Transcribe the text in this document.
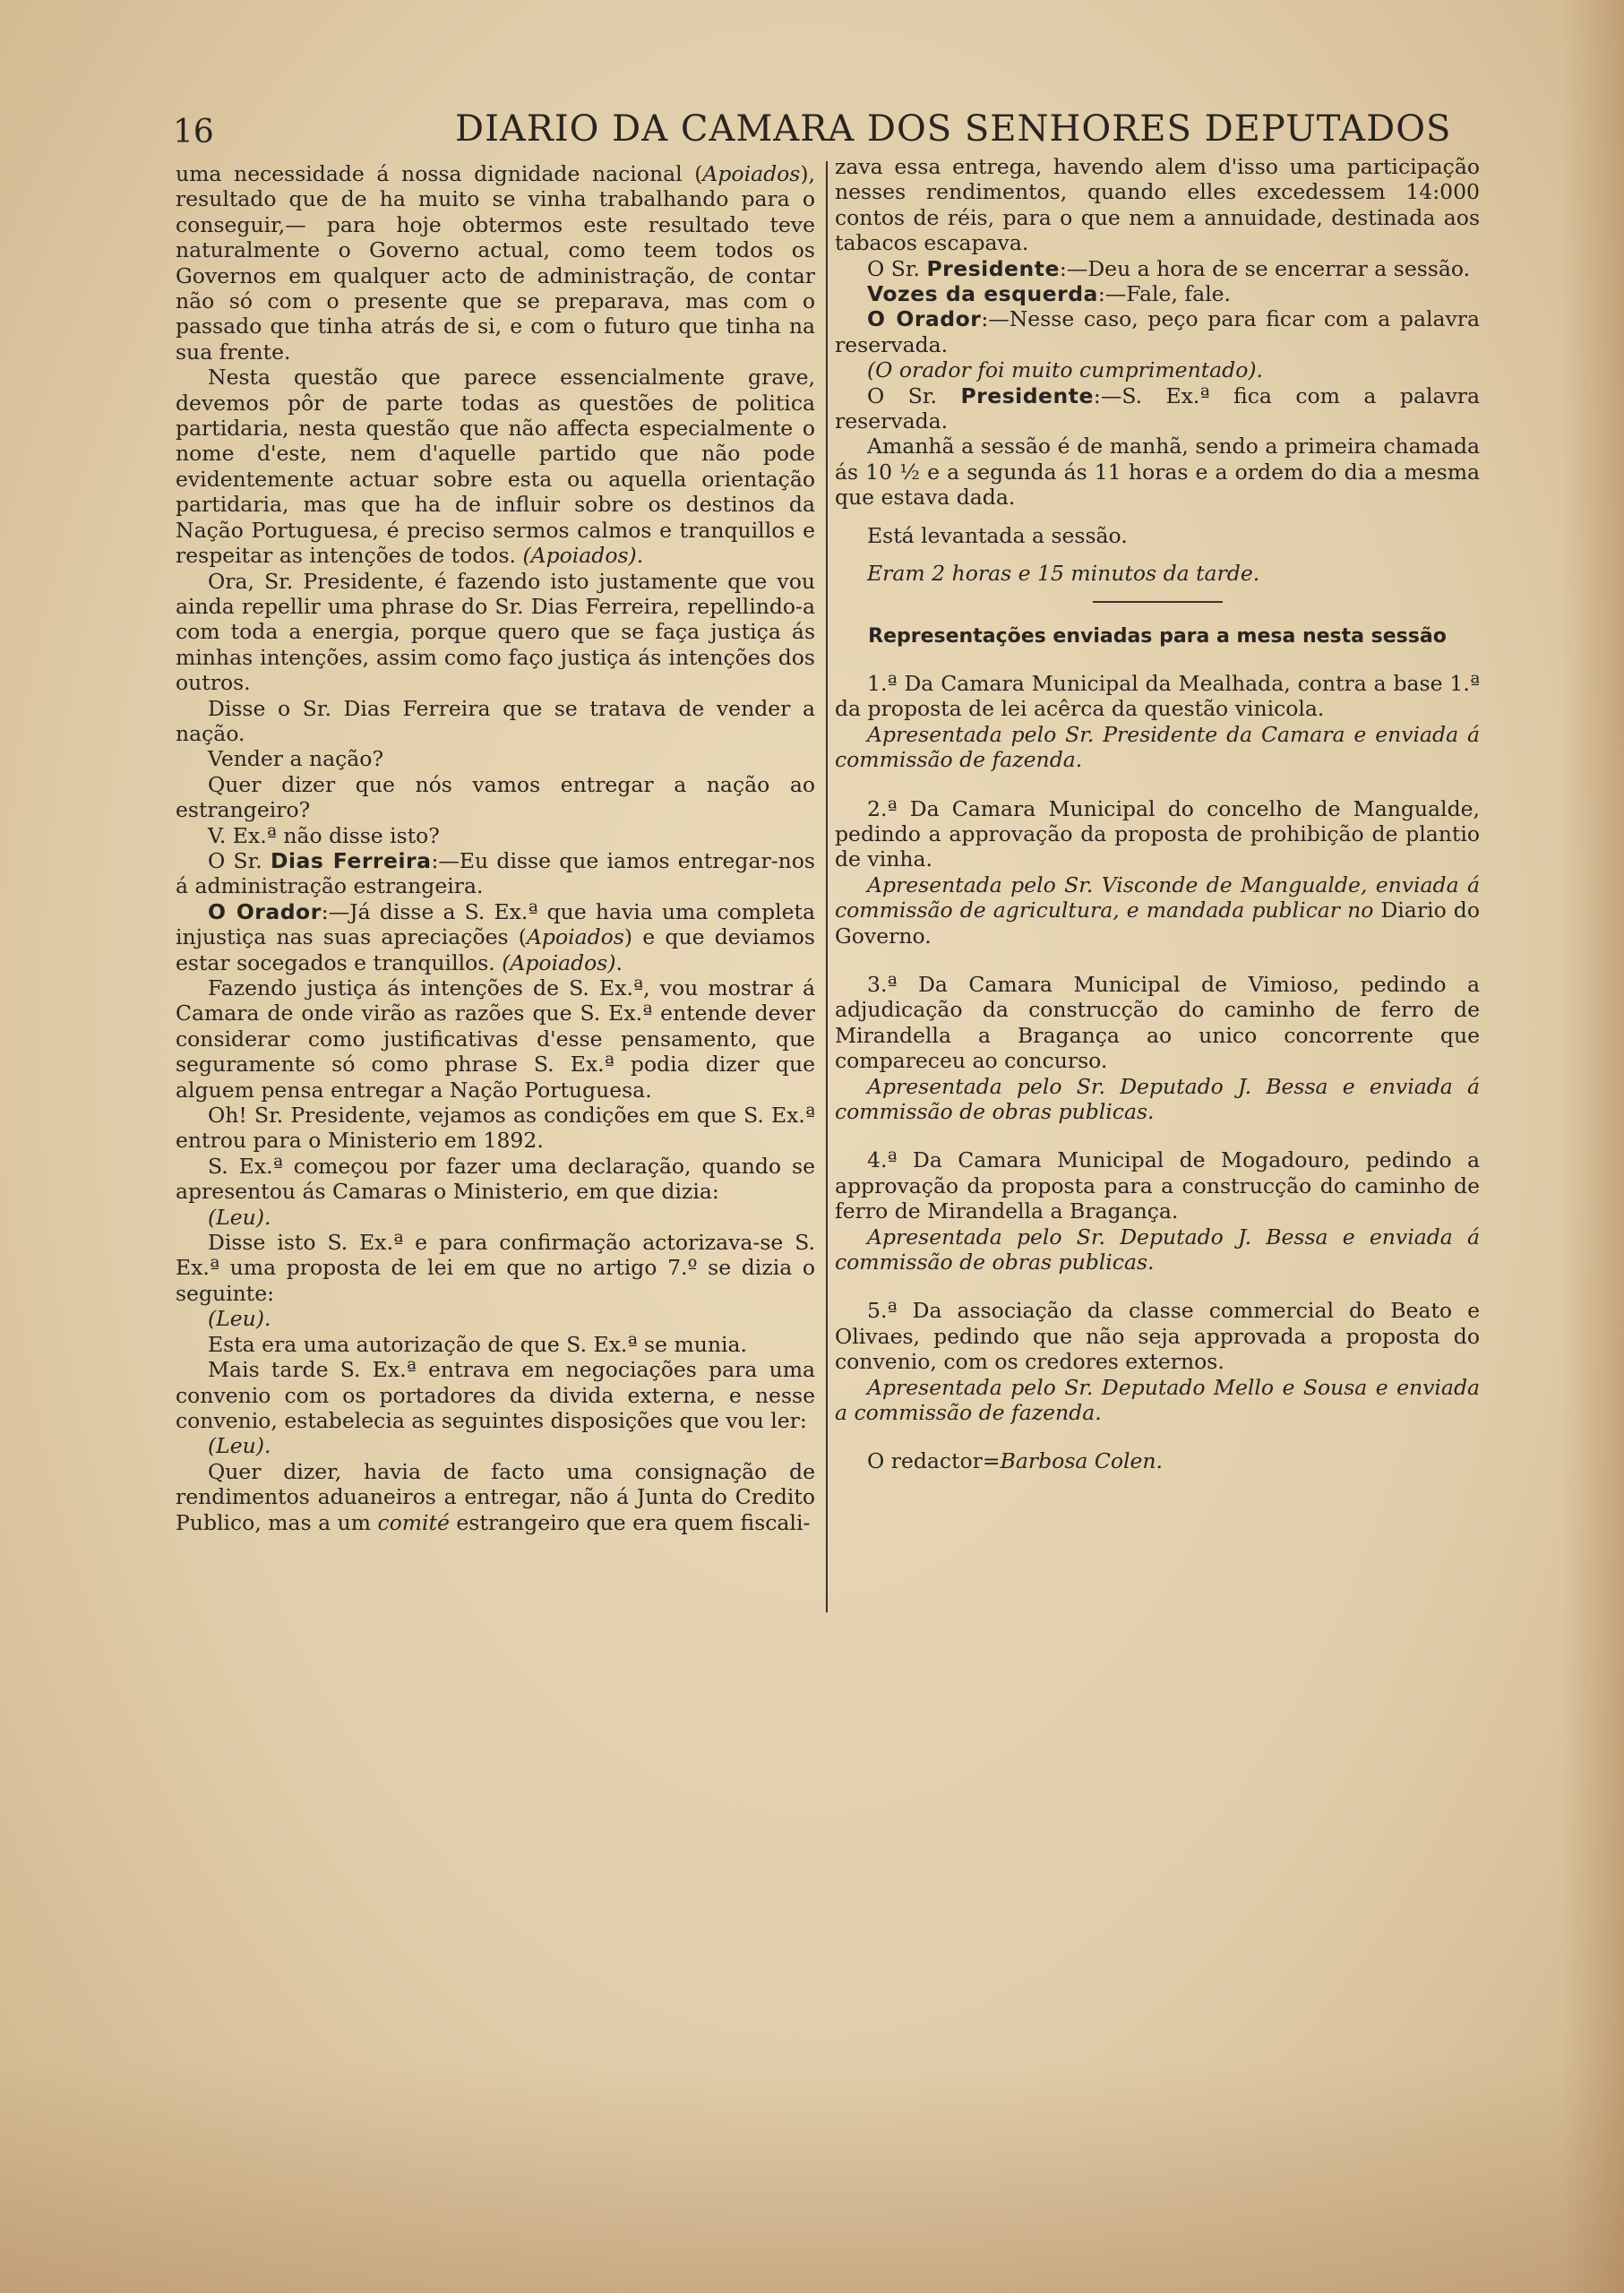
16	DIARIO DA CAMARA DOS SENHORES DEPUTADOS

uma necessidade á nossa dignidade nacional (Apoiados), resultado que de ha muito se vinha trabalhando para o conseguir,— para hoje obtermos este resultado teve naturalmente o Governo actual, como teem todos os Governos em qualquer acto de administração, de contar não só com o presente que se preparava, mas com o passado que tinha atrás de si, e com o futuro que tinha na sua frente.

Nesta questão que parece essencialmente grave, devemos pôr de parte todas as questões de politica partidaria, nesta questão que não affecta especialmente o nome d'este, nem d'aquelle partido que não pode evidentemente actuar sobre esta ou aquella orientação partidaria, mas que ha de influir sobre os destinos da Nação Portuguesa, é preciso sermos calmos e tranquillos e respeitar as intenções de todos. (Apoiados).

Ora, Sr. Presidente, é fazendo isto justamente que vou ainda repellir uma phrase do Sr. Dias Ferreira, repellindo-a com toda a energia, porque quero que se faça justiça ás minhas intenções, assim como faço justiça ás intenções dos outros.

Disse o Sr. Dias Ferreira que se tratava de vender a nação.

Vender a nação?

Quer dizer que nós vamos entregar a nação ao estrangeiro?

V. Ex.ª não disse isto?

O Sr. Dias Ferreira:—Eu disse que iamos entregar-nos á administração estrangeira.

O Orador:—Já disse a S. Ex.ª que havia uma completa injustiça nas suas apreciações (Apoiados) e que deviamos estar socegados e tranquillos. (Apoiados).

Fazendo justiça ás intenções de S. Ex.ª, vou mostrar á Camara de onde virão as razões que S. Ex.ª entende dever considerar como justificativas d'esse pensamento, que seguramente só como phrase S. Ex.ª podia dizer que alguem pensa entregar a Nação Portuguesa.

Oh! Sr. Presidente, vejamos as condições em que S. Ex.ª entrou para o Ministerio em 1892.

S. Ex.ª começou por fazer uma declaração, quando se apresentou ás Camaras o Ministerio, em que dizia:

(Leu).

Disse isto S. Ex.ª e para confirmação actorizava-se S. Ex.ª uma proposta de lei em que no artigo 7.º se dizia o seguinte:

(Leu).

Esta era uma autorização de que S. Ex.ª se munia.

Mais tarde S. Ex.ª entrava em negociações para uma convenio com os portadores da divida externa, e nesse convenio, estabelecia as seguintes disposições que vou ler:

(Leu).

Quer dizer, havia de facto uma consignação de rendimentos aduaneiros a entregar, não á Junta do Credito Publico, mas a um comité estrangeiro que era quem fiscali-

zava essa entrega, havendo alem d'isso uma participação nesses rendimentos, quando elles excedessem 14:000 contos de réis, para o que nem a annuidade, destinada aos tabacos escapava.

O Sr. Presidente:—Deu a hora de se encerrar a sessão.

Vozes da esquerda:—Fale, fale.

O Orador:—Nesse caso, peço para ficar com a palavra reservada.

(O orador foi muito cumprimentado).

O Sr. Presidente:—S. Ex.ª fica com a palavra reservada.

Amanhã a sessão é de manhã, sendo a primeira chamada ás 10 ½ e a segunda ás 11 horas e a ordem do dia a mesma que estava dada.

Está levantada a sessão.

Eram 2 horas e 15 minutos da tarde.

Representações enviadas para a mesa nesta sessão

1.ª Da Camara Municipal da Mealhada, contra a base 1.ª da proposta de lei acêrca da questão vinicola.

Apresentada pelo Sr. Presidente da Camara e enviada á commissão de fazenda.

2.ª Da Camara Municipal do concelho de Mangualde, pedindo a approvação da proposta de prohibição de plantio de vinha.

Apresentada pelo Sr. Visconde de Mangualde, enviada á commissão de agricultura, e mandada publicar no Diario do Governo.

3.ª Da Camara Municipal de Vimioso, pedindo a adjudicação da construcção do caminho de ferro de Mirandella a Bragança ao unico concorrente que compareceu ao concurso.

Apresentada pelo Sr. Deputado J. Bessa e enviada á commissão de obras publicas.

4.ª Da Camara Municipal de Mogadouro, pedindo a approvação da proposta para a construcção do caminho de ferro de Mirandella a Bragança.

Apresentada pelo Sr. Deputado J. Bessa e enviada á commissão de obras publicas.

5.ª Da associação da classe commercial do Beato e Olivaes, pedindo que não seja approvada a proposta do convenio, com os credores externos.

Apresentada pelo Sr. Deputado Mello e Sousa e enviada a commissão de fazenda.

O redactor=Barbosa Colen.
